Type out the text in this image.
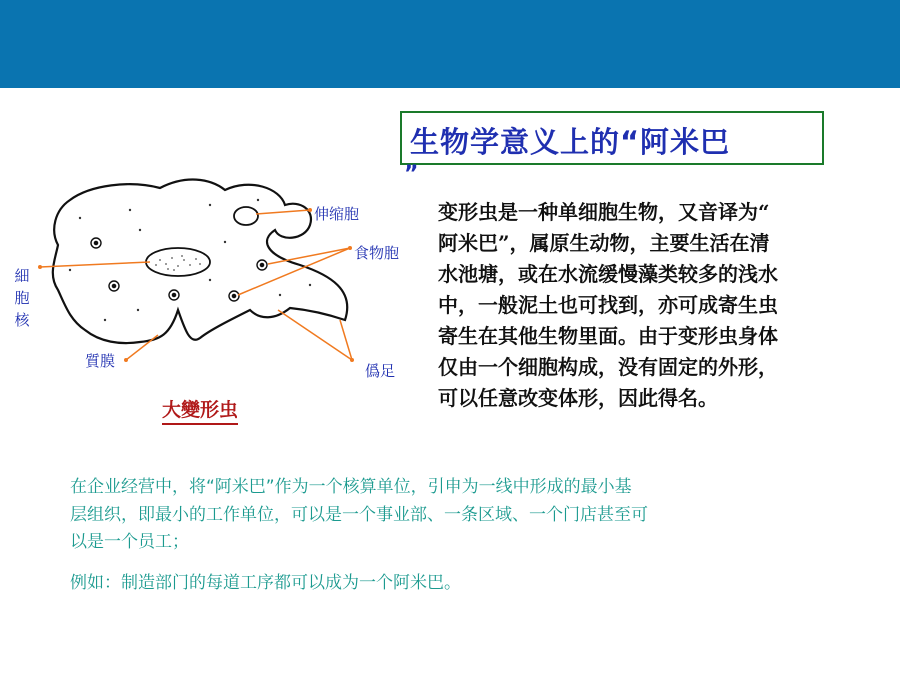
生物学意义上的“阿米巴
”
变形虫是一种单细胞生物，又音译为“
阿米巴”，属原生动物，主要生活在清
水池塘，或在水流缓慢藻类较多的浅水
中，一般泥土也可找到，亦可成寄生虫
寄生在其他生物里面。由于变形虫身体
仅由一个细胞构成，没有固定的外形，
可以任意改变体形，因此得名。
伸缩胞
食物胞
細胞核
質膜
僞足
大變形虫
在企业经营中，将“阿米巴”作为一个核算单位，引申为一线中形成的最小基
层组织，即最小的工作单位，可以是一个事业部、一条区域、一个门店甚至可
以是一个员工；
例如：制造部门的每道工序都可以成为一个阿米巴。
